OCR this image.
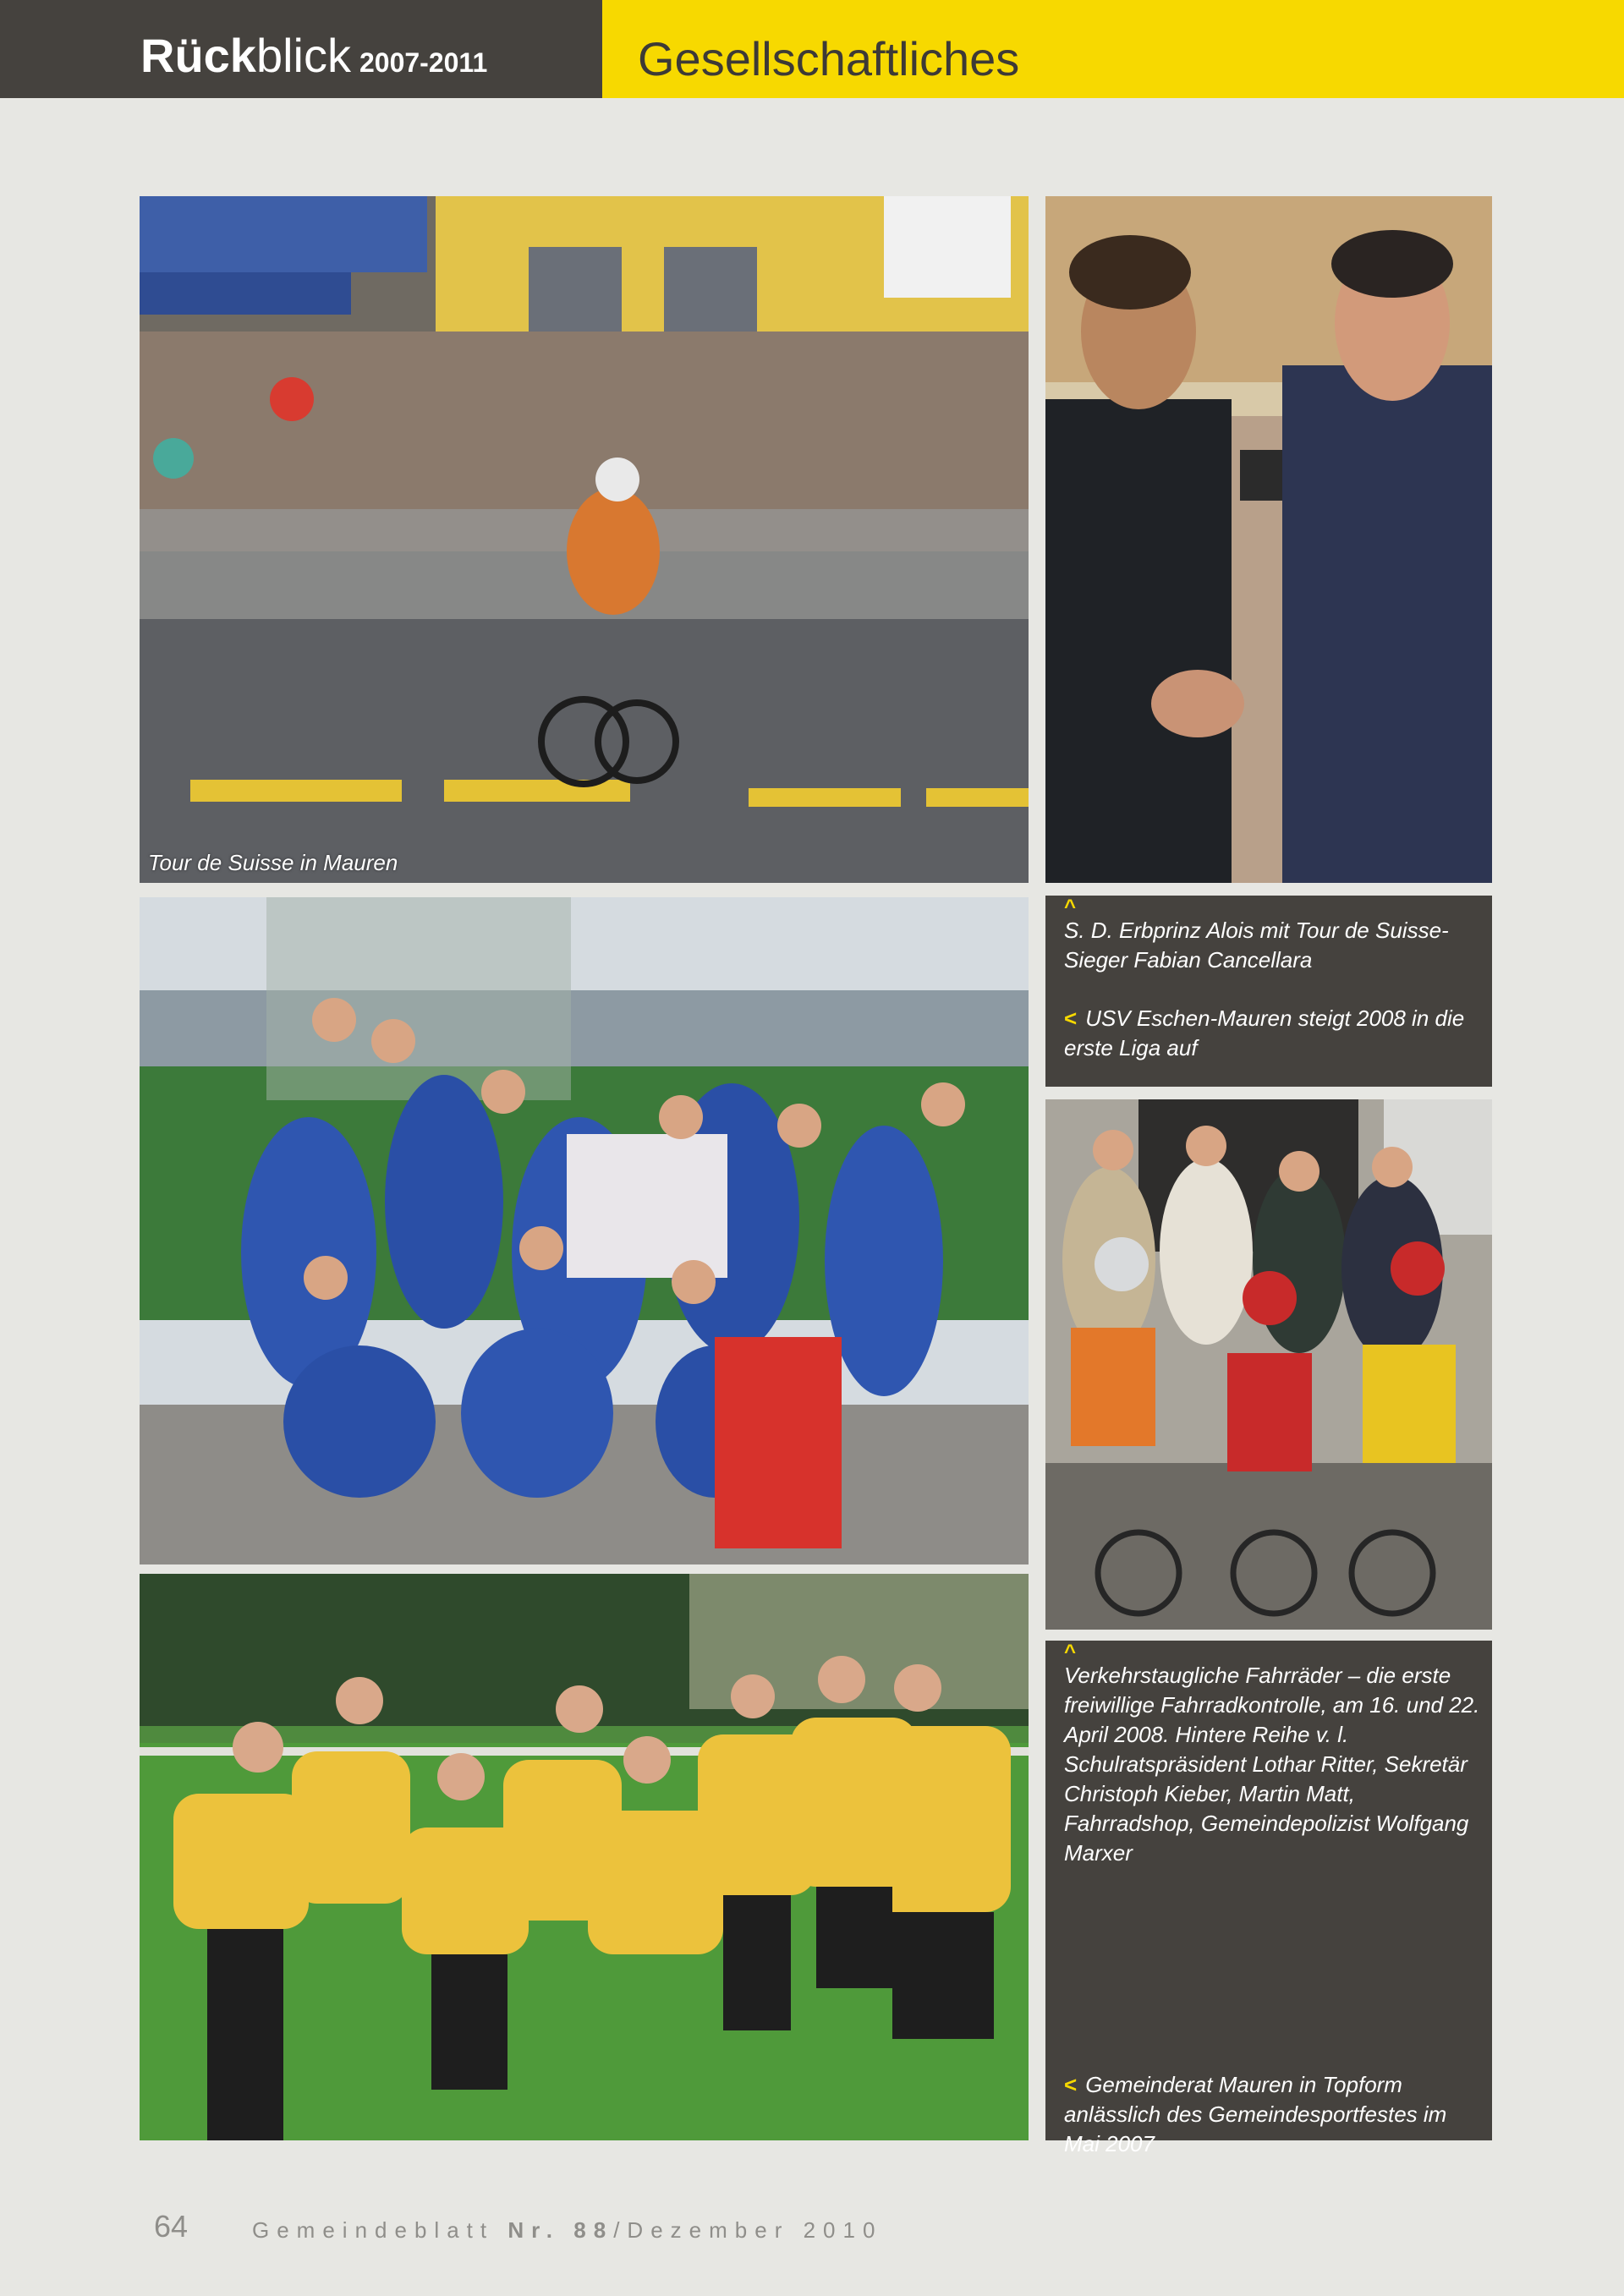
Rückblick 2007-2011	Gesellschaftliches
Tour de Suisse in Mauren
^
S. D. Erbprinz Alois mit Tour de Suisse-Sieger Fabian Cancellara
< USV Eschen-Mauren steigt 2008 in die erste Liga auf
^
Verkehrstaugliche Fahrräder – die erste freiwillige Fahrradkontrolle, am 16. und 22. April 2008. Hintere Reihe v. l. Schulratspräsident Lothar Ritter, Sekretär Christoph Kieber, Martin Matt, Fahrradshop, Gemeindepolizist Wolfgang Marxer
< Gemeinderat Mauren in Topform anlässlich des Gemeindesportfestes im Mai 2007
64	Gemeindeblatt Nr. 88/Dezember 2010
